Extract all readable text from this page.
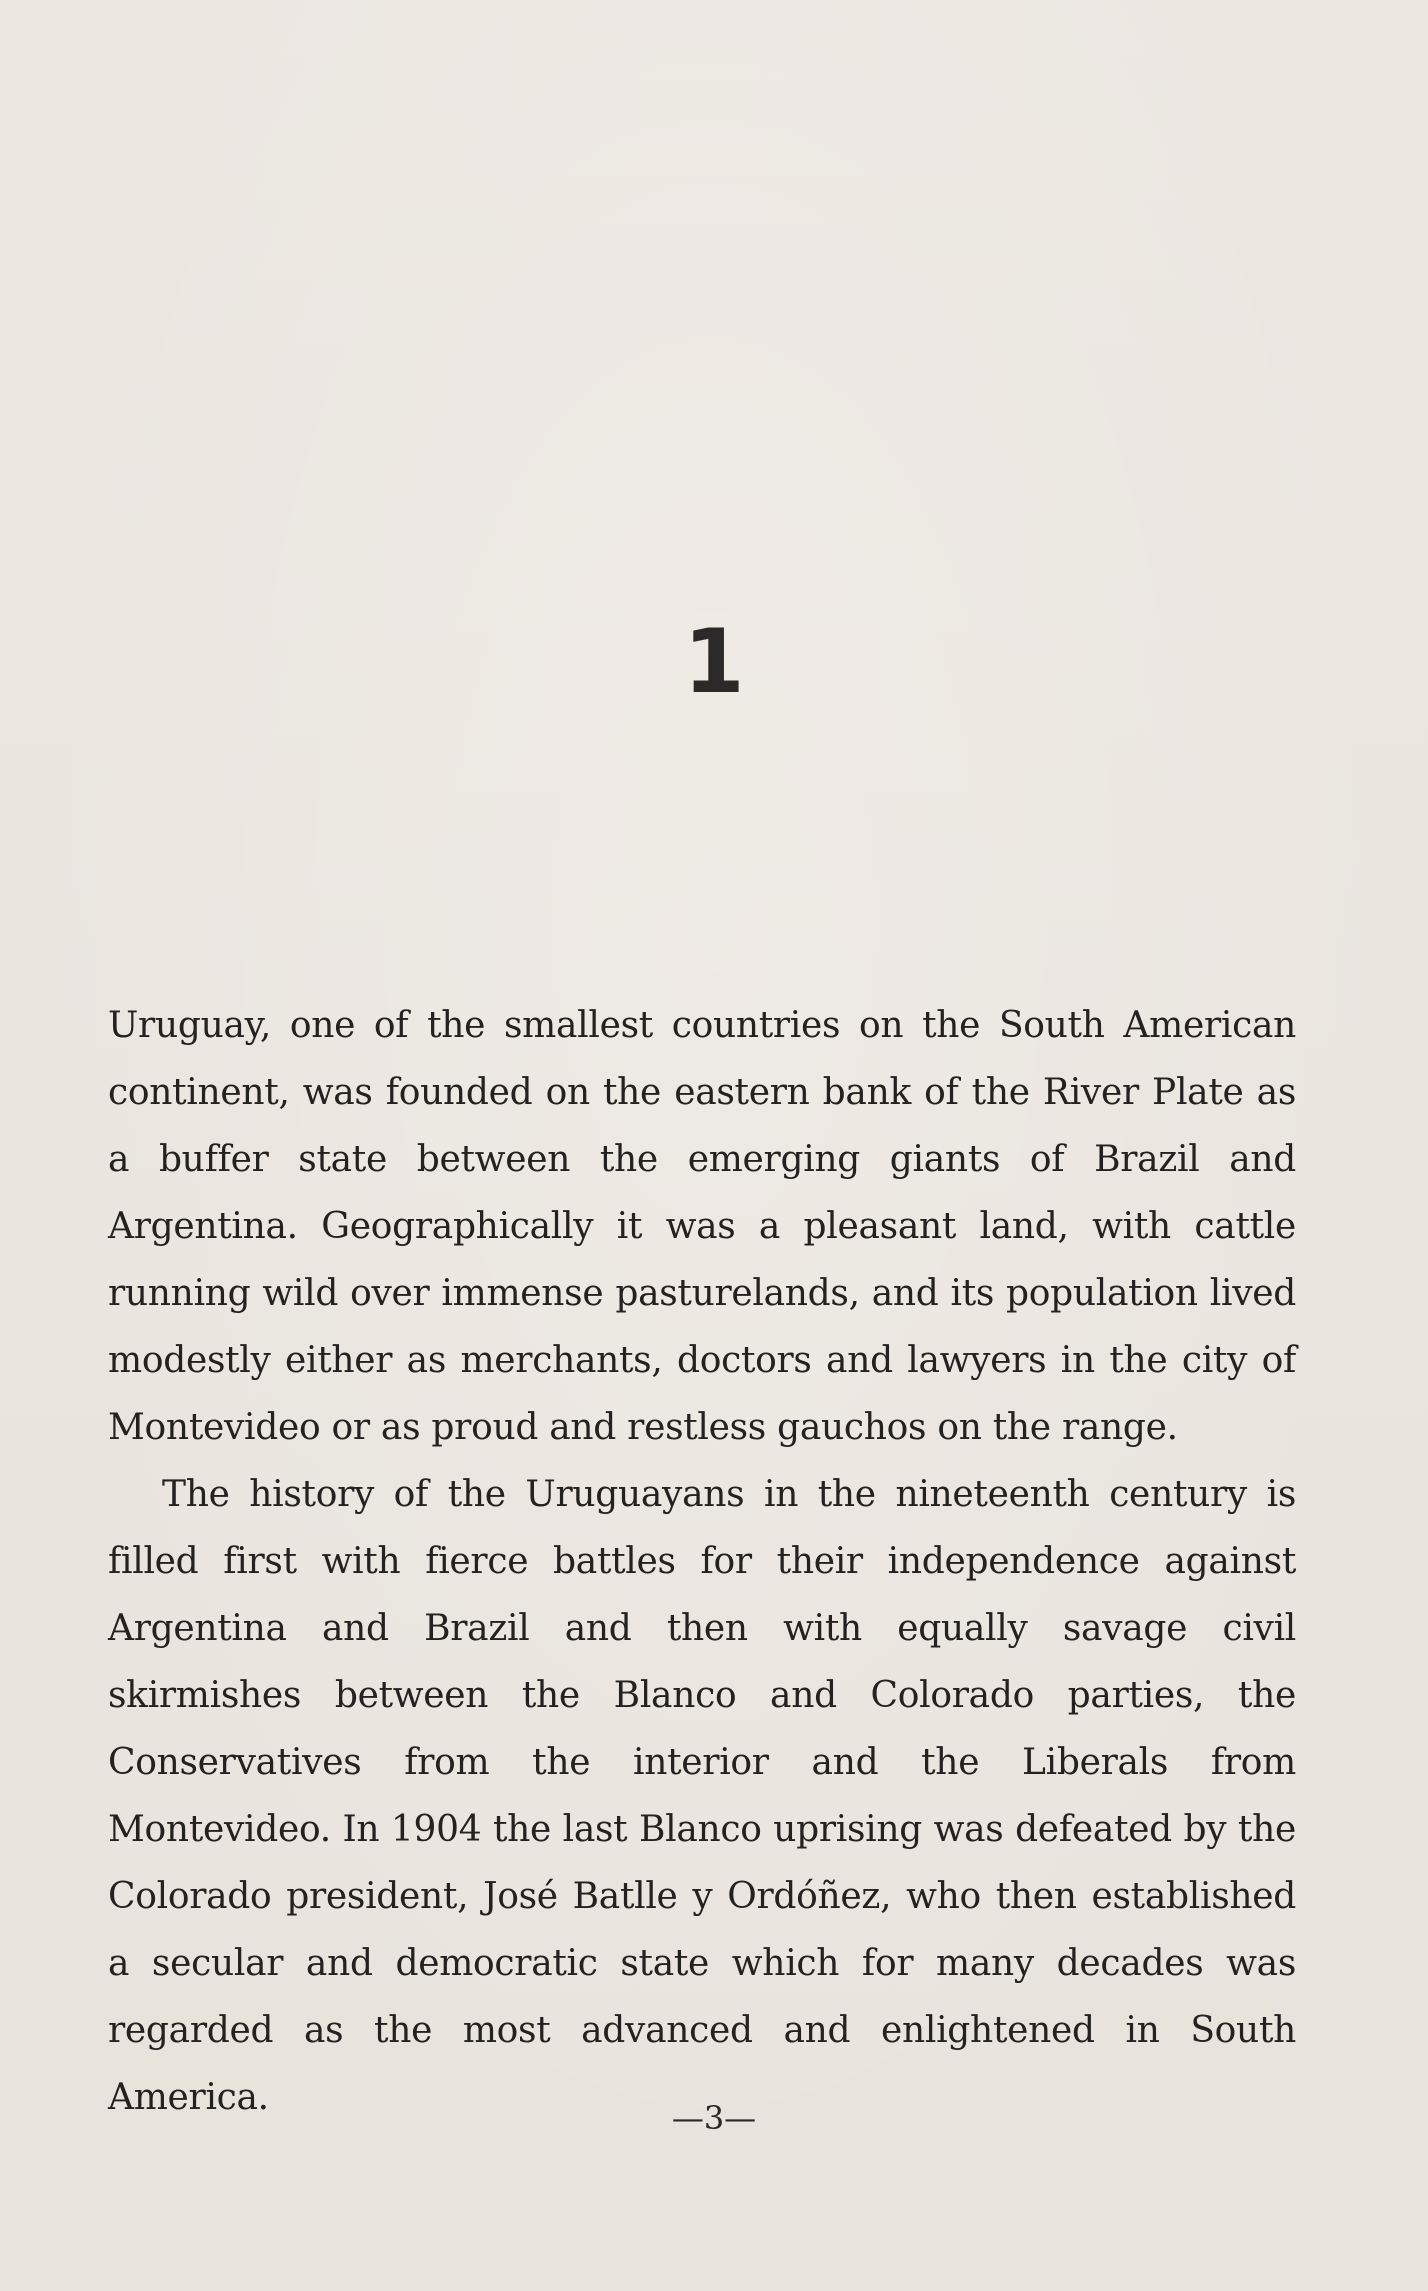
1

Uruguay, one of the smallest countries on the South American continent, was founded on the eastern bank of the River Plate as a buffer state between the emerging giants of Brazil and Argentina. Geographically it was a pleasant land, with cattle running wild over immense pasturelands, and its population lived modestly either as merchants, doctors and lawyers in the city of Montevideo or as proud and restless gauchos on the range.

The history of the Uruguayans in the nineteenth century is filled first with fierce battles for their independence against Argentina and Brazil and then with equally savage civil skirmishes between the Blanco and Colorado parties, the Conservatives from the interior and the Liberals from Montevideo. In 1904 the last Blanco uprising was defeated by the Colorado president, José Batlle y Ordóñez, who then established a secular and democratic state which for many decades was regarded as the most advanced and enlightened in South America.	—3—
